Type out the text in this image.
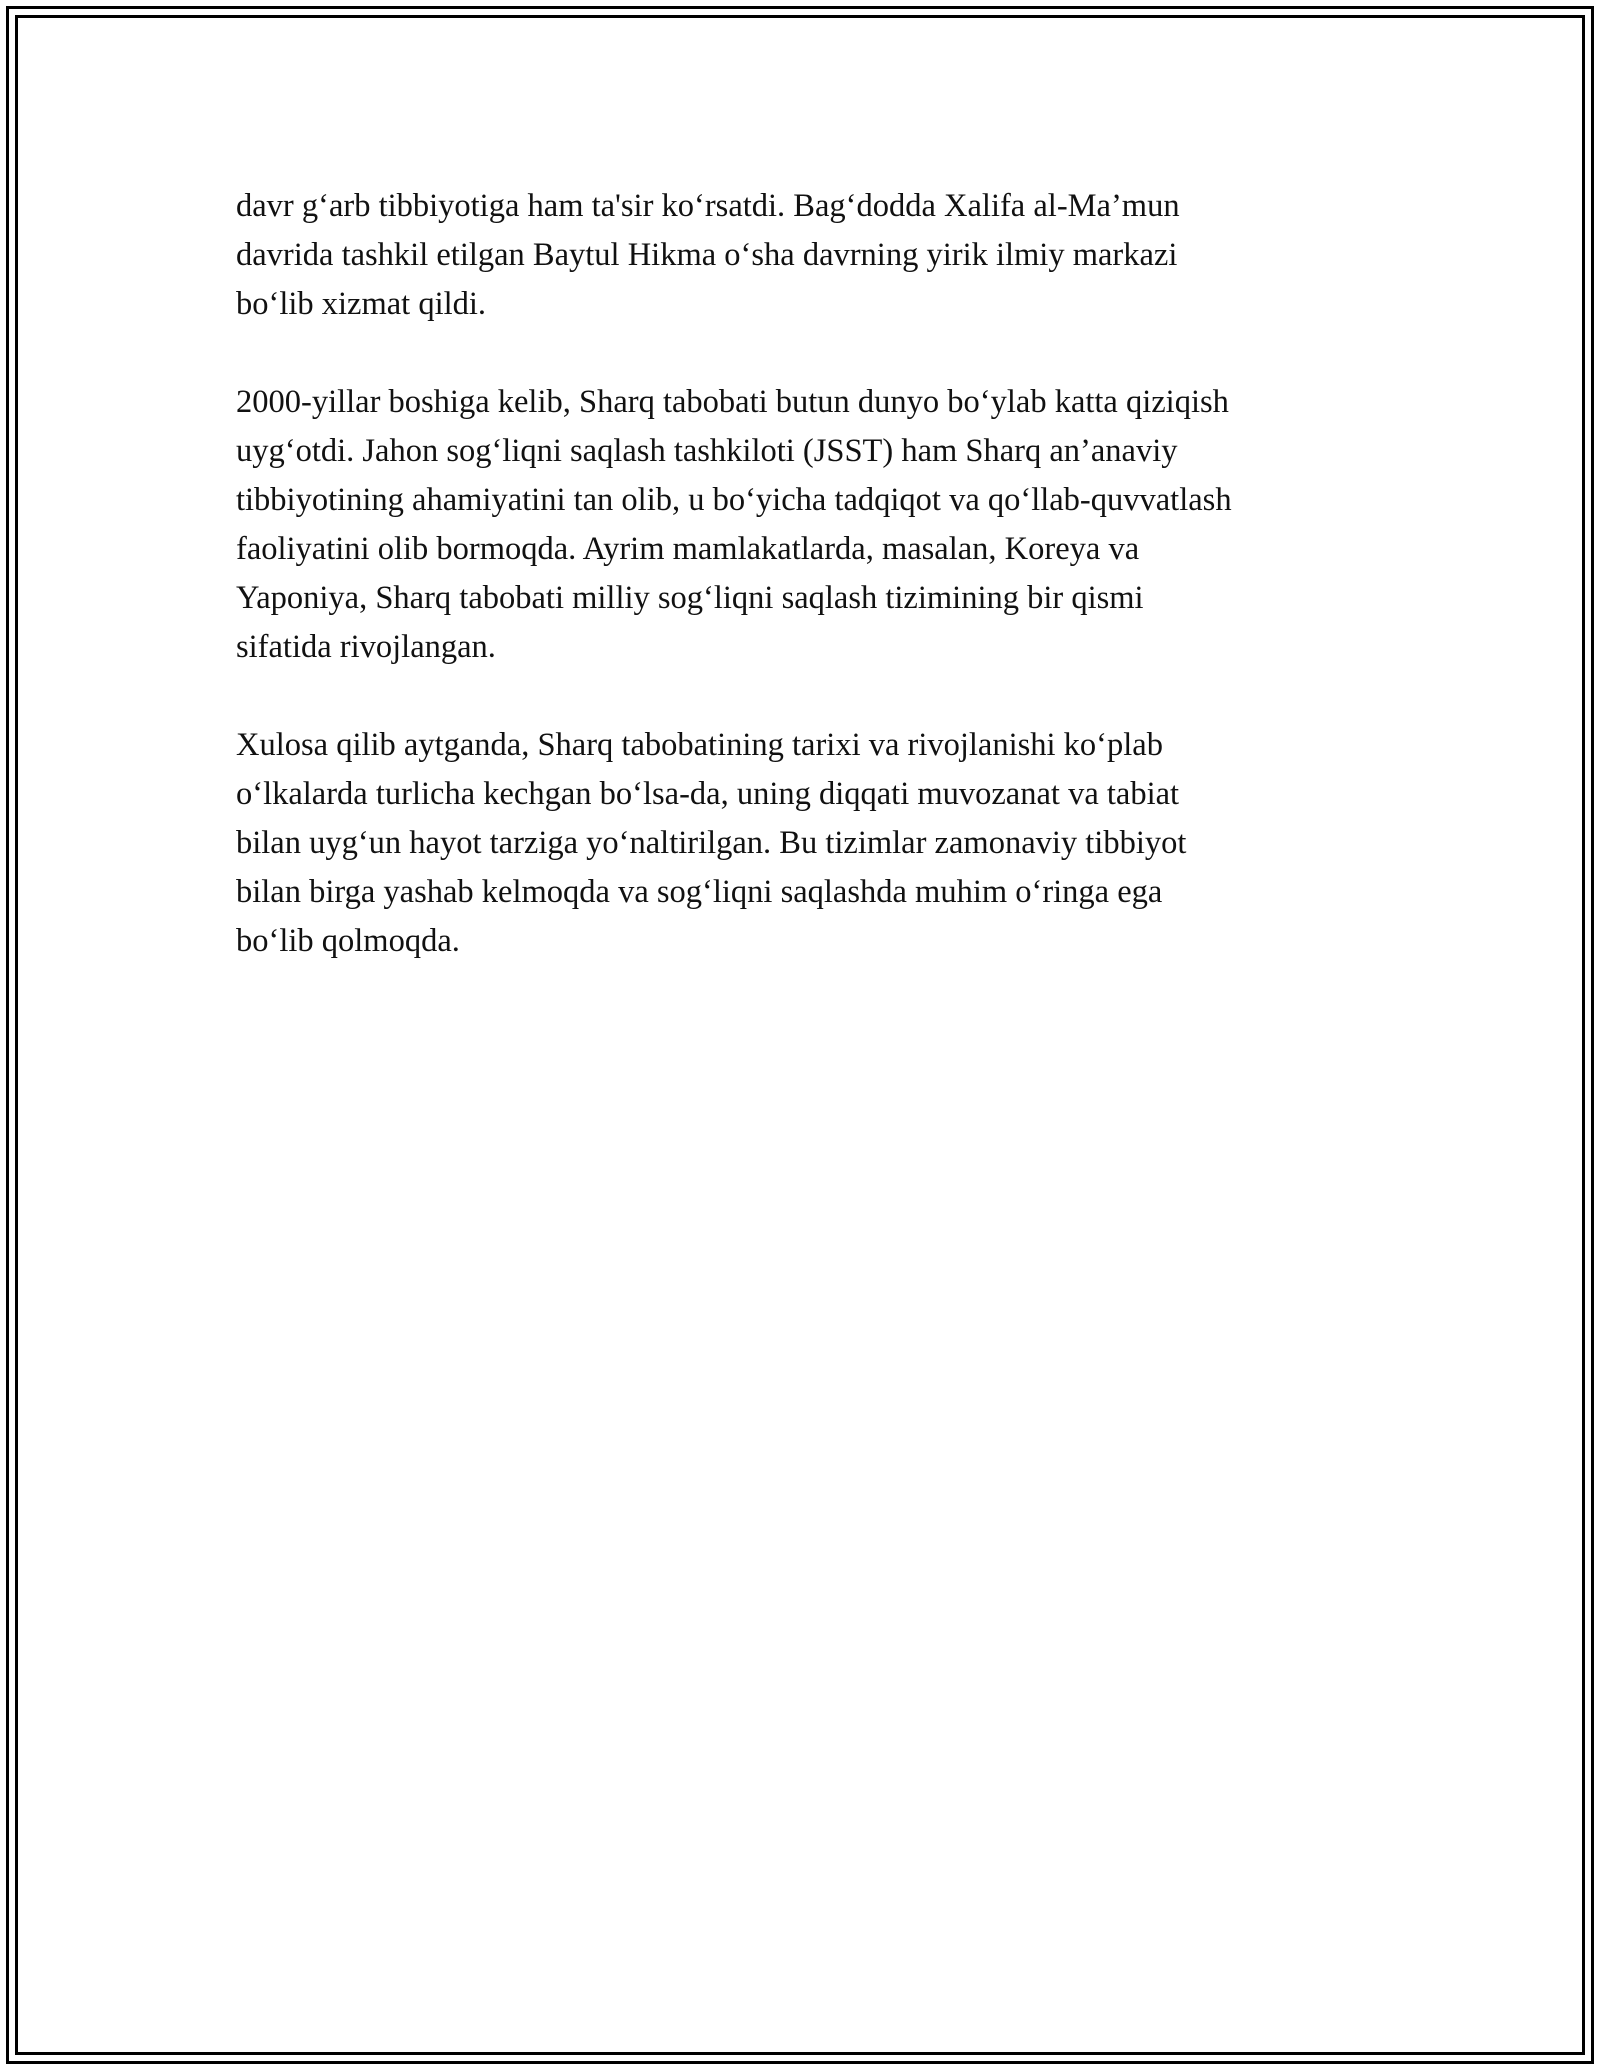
davr g‘arb tibbiyotiga ham ta'sir ko‘rsatdi. Bag‘dodda Xalifa al-Ma’mun
davrida tashkil etilgan Baytul Hikma o‘sha davrning yirik ilmiy markazi
bo‘lib xizmat qildi.

2000-yillar boshiga kelib, Sharq tabobati butun dunyo bo‘ylab katta qiziqish
uyg‘otdi. Jahon sog‘liqni saqlash tashkiloti (JSST) ham Sharq an’anaviy
tibbiyotining ahamiyatini tan olib, u bo‘yicha tadqiqot va qo‘llab-quvvatlash
faoliyatini olib bormoqda. Ayrim mamlakatlarda, masalan, Koreya va
Yaponiya, Sharq tabobati milliy sog‘liqni saqlash tizimining bir qismi
sifatida rivojlangan.

Xulosa qilib aytganda, Sharq tabobatining tarixi va rivojlanishi ko‘plab
o‘lkalarda turlicha kechgan bo‘lsa-da, uning diqqati muvozanat va tabiat
bilan uyg‘un hayot tarziga yo‘naltirilgan. Bu tizimlar zamonaviy tibbiyot
bilan birga yashab kelmoqda va sog‘liqni saqlashda muhim o‘ringa ega
bo‘lib qolmoqda.
